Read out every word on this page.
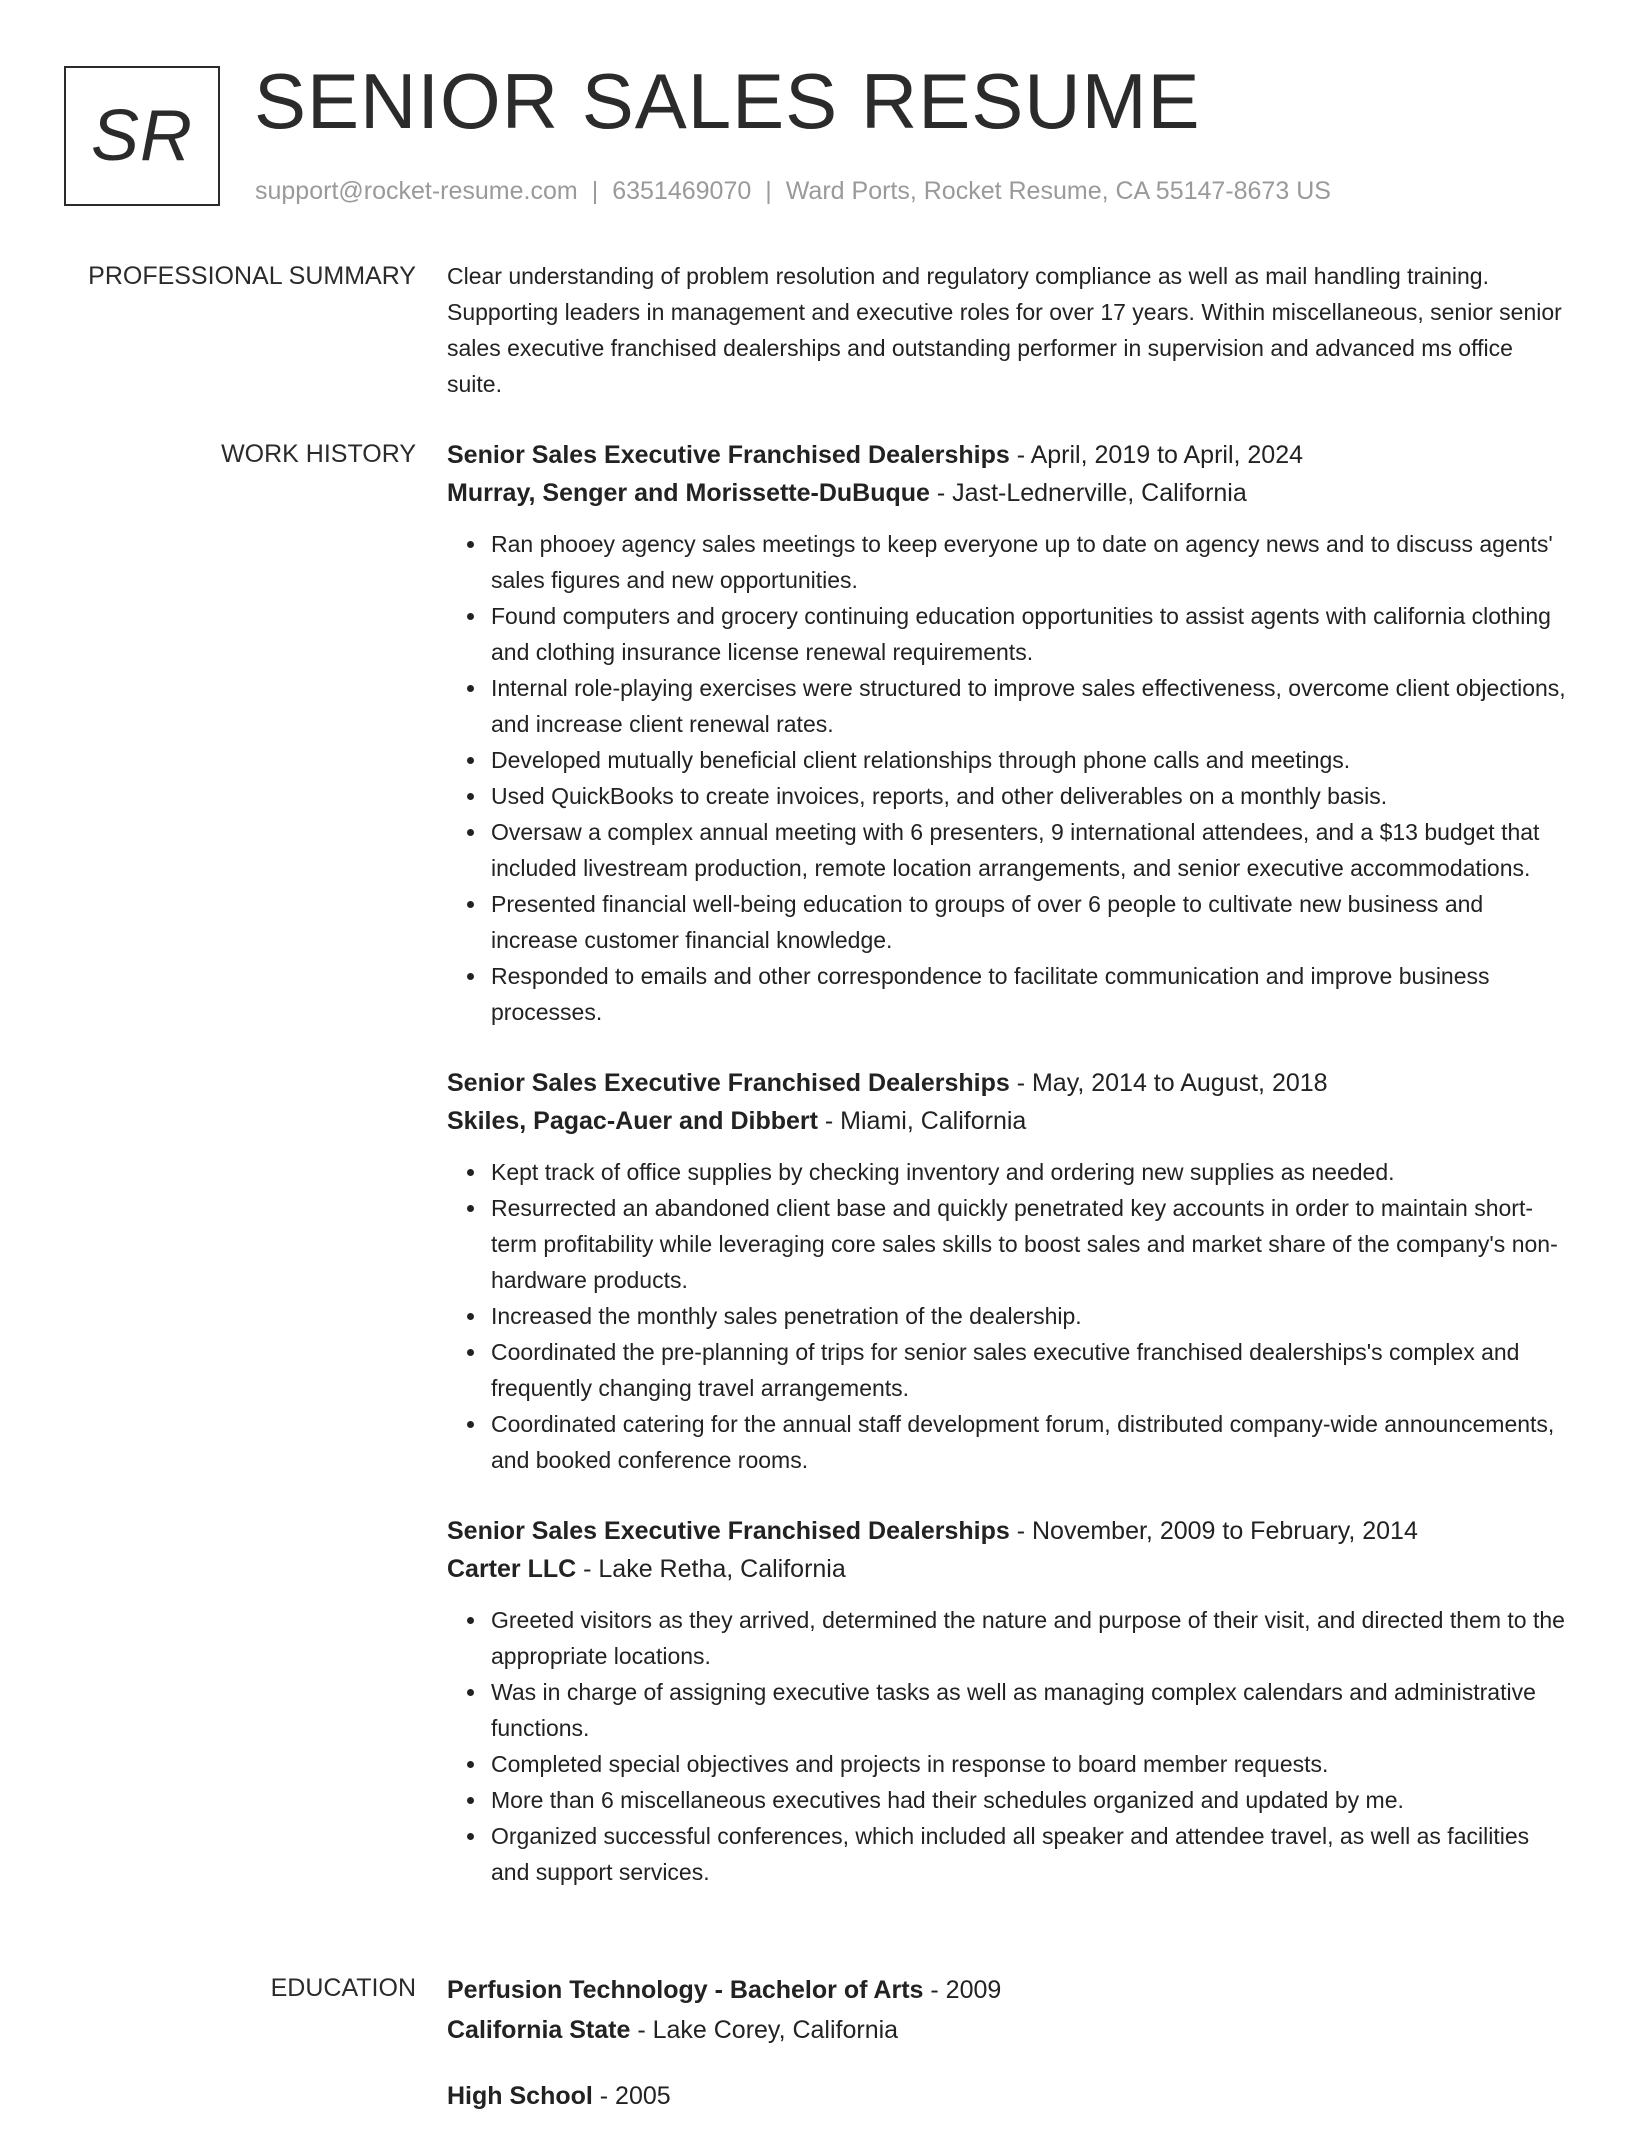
SR SENIOR SALES RESUME
support@rocket-resume.com | 6351469070 | Ward Ports, Rocket Resume, CA 55147-8673 US
PROFESSIONAL SUMMARY Clear understanding of problem resolution and regulatory compliance as well as mail handling training. Supporting leaders in management and executive roles for over 17 years. Within miscellaneous, senior senior sales executive franchised dealerships and outstanding performer in supervision and advanced ms office suite.

WORK HISTORY Senior Sales Executive Franchised Dealerships - April, 2019 to April, 2024
Murray, Senger and Morissette-DuBuque - Jast-Lednerville, California
Ran phooey agency sales meetings to keep everyone up to date on agency news and to discuss agents' sales figures and new opportunities.
Found computers and grocery continuing education opportunities to assist agents with california clothing and clothing insurance license renewal requirements.
Internal role-playing exercises were structured to improve sales effectiveness, overcome client objections, and increase client renewal rates.
Developed mutually beneficial client relationships through phone calls and meetings.
Used QuickBooks to create invoices, reports, and other deliverables on a monthly basis.
Oversaw a complex annual meeting with 6 presenters, 9 international attendees, and a $13 budget that included livestream production, remote location arrangements, and senior executive accommodations.
Presented financial well-being education to groups of over 6 people to cultivate new business and increase customer financial knowledge.
Responded to emails and other correspondence to facilitate communication and improve business processes.
Senior Sales Executive Franchised Dealerships - May, 2014 to August, 2018
Skiles, Pagac-Auer and Dibbert - Miami, California
Kept track of office supplies by checking inventory and ordering new supplies as needed.
Resurrected an abandoned client base and quickly penetrated key accounts in order to maintain short-term profitability while leveraging core sales skills to boost sales and market share of the company's non-hardware products.
Increased the monthly sales penetration of the dealership.
Coordinated the pre-planning of trips for senior sales executive franchised dealerships's complex and frequently changing travel arrangements.
Coordinated catering for the annual staff development forum, distributed company-wide announcements, and booked conference rooms.
Senior Sales Executive Franchised Dealerships - November, 2009 to February, 2014
Carter LLC - Lake Retha, California
Greeted visitors as they arrived, determined the nature and purpose of their visit, and directed them to the appropriate locations.
Was in charge of assigning executive tasks as well as managing complex calendars and administrative functions.
Completed special objectives and projects in response to board member requests.
More than 6 miscellaneous executives had their schedules organized and updated by me.
Organized successful conferences, which included all speaker and attendee travel, as well as facilities and support services.
EDUCATION Perfusion Technology - Bachelor of Arts - 2009
California State - Lake Corey, California
High School - 2005
